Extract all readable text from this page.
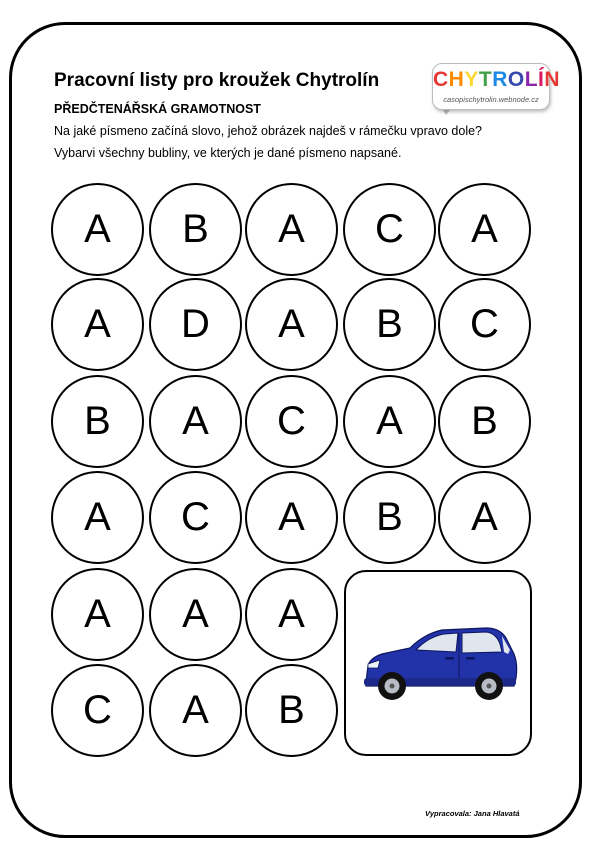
Pracovní listy pro kroužek Chytrolín
PŘEDČTENÁŘSKÁ GRAMOTNOST
Na jaké písmeno začíná slovo, jehož obrázek najdeš v rámečku vpravo dole?
Vybarvi všechny bubliny, ve kterých je dané písmeno napsané.
CHYTROLÍN
casopischytrolin.webnode.cz
A	B	A	C	A
A	D	A	B	C
B	A	C	A	B
A	C	A	B	A
A	A	A
C	A	B
Vypracovala: Jana Hlavatá
